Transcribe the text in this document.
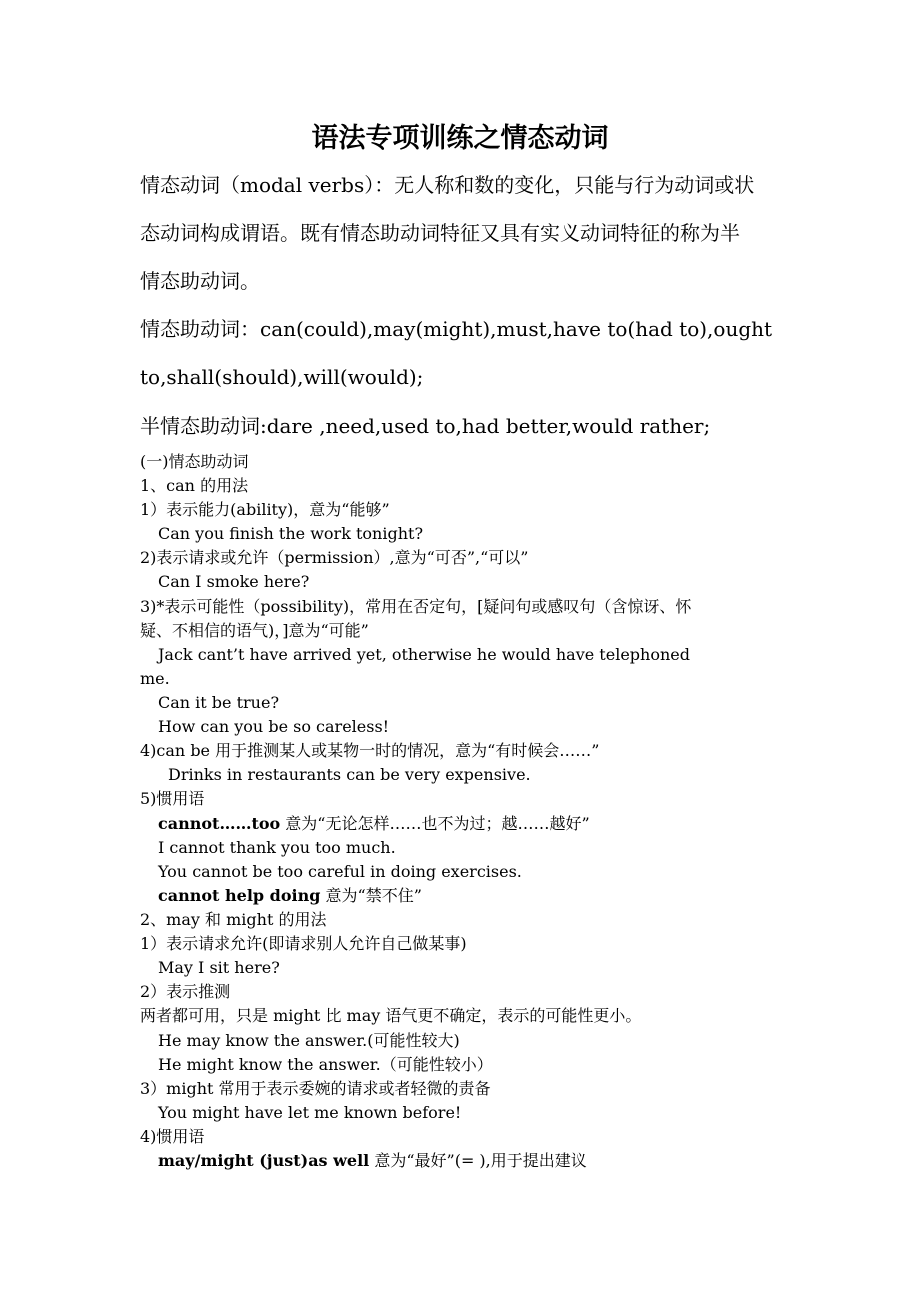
语法专项训练之情态动词
情态动词（modal verbs）：无人称和数的变化，只能与行为动词或状
态动词构成谓语。既有情态助动词特征又具有实义动词特征的称为半
情态助动词。
情态助动词：can(could),may(might),must,have to(had to),ought
to,shall(should),will(would);
半情态助动词:dare ,need,used to,had better,would rather;
(一)情态助动词
1、can 的用法
1）表示能力(ability)，意为“能够”
Can you finish the work tonight?
2)表示请求或允许（permission）,意为“可否”,“可以”
Can I smoke here?
3)*表示可能性（possibility)，常用在否定句，[疑问句或感叹句（含惊讶、怀
疑、不相信的语气)，]意为“可能”
Jack cant’t have arrived yet, otherwise he would have telephoned
me.
Can it be true?
How can you be so careless!
4)can be 用于推测某人或某物一时的情况，意为“有时候会……”
Drinks in restaurants can be very expensive.
5)惯用语
cannot……too 意为“无论怎样……也不为过；越……越好”
I cannot thank you too much.
You cannot be too careful in doing exercises.
cannot help doing 意为“禁不住”
2、may 和 might 的用法
1）表示请求允许(即请求别人允许自己做某事)
May I sit here?
2）表示推测
两者都可用，只是 might 比 may 语气更不确定，表示的可能性更小。
He may know the answer.(可能性较大)
He might know the answer.（可能性较小）
3）might 常用于表示委婉的请求或者轻微的责备
You might have let me known before!
4)惯用语
may/might (just)as well 意为“最好”(= ),用于提出建议
